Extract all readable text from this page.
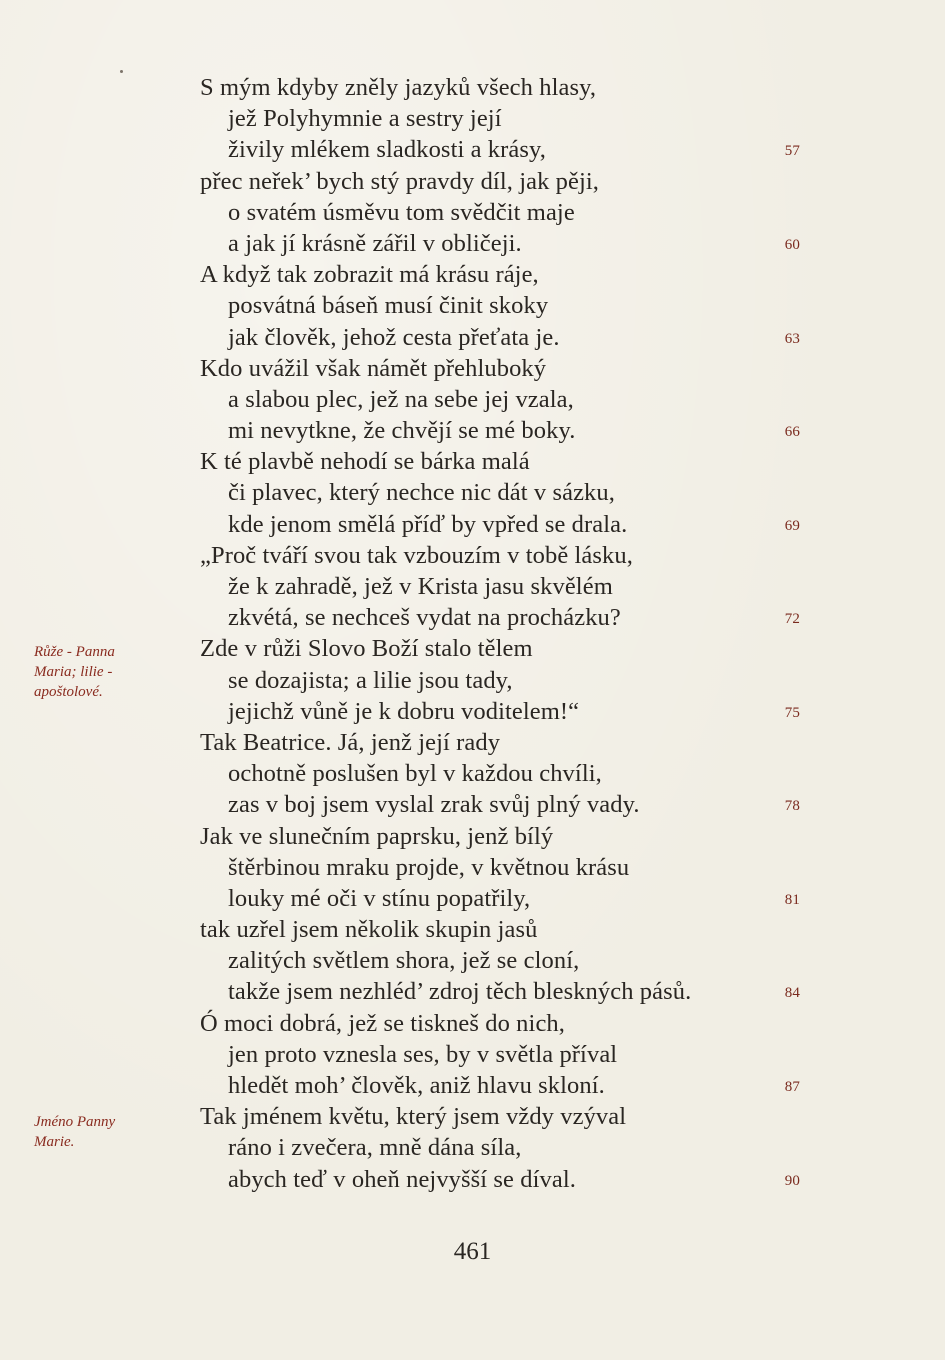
S mým kdyby zněly jazyků všech hlasy,
jež Polyhymnie a sestry její
živily mlékem sladkosti a krásy,	57
přec neřek’ bych stý pravdy díl, jak pěji,
o svatém úsměvu tom svědčit maje
a jak jí krásně zářil v obličeji.	60
A když tak zobrazit má krásu ráje,
posvátná báseň musí činit skoky
jak člověk, jehož cesta přeťata je.	63
Kdo uvážil však námět přehluboký
a slabou plec, jež na sebe jej vzala,
mi nevytkne, že chvějí se mé boky.	66
K té plavbě nehodí se bárka malá
či plavec, který nechce nic dát v sázku,
kde jenom smělá příď by vpřed se drala.	69
„Proč tváří svou tak vzbouzím v tobě lásku,
že k zahradě, jež v Krista jasu skvělém
zkvétá, se nechceš vydat na procházku?	72
Zde v růži Slovo Boží stalo tělem
se dozajista; a lilie jsou tady,
jejichž vůně je k dobru voditelem!“	75
Tak Beatrice. Já, jenž její rady
ochotně poslušen byl v každou chvíli,
zas v boj jsem vyslal zrak svůj plný vady.	78
Jak ve slunečním paprsku, jenž bílý
štěrbinou mraku projde, v květnou krásu
louky mé oči v stínu popatřily,	81
tak uzřel jsem několik skupin jasů
zalitých světlem shora, jež se cloní,
takže jsem nezhléd’ zdroj těch bleskných pásů.	84
Ó moci dobrá, jež se tiskneš do nich,
jen proto vznesla ses, by v světla příval
hledět moh’ člověk, aniž hlavu skloní.	87
Tak jménem květu, který jsem vždy vzýval
ráno i zvečera, mně dána síla,
abych teď v oheň nejvyšší se díval.	90
Růže - Panna
Maria; lilie -
apoštolové.
Jméno Panny
Marie.
461
